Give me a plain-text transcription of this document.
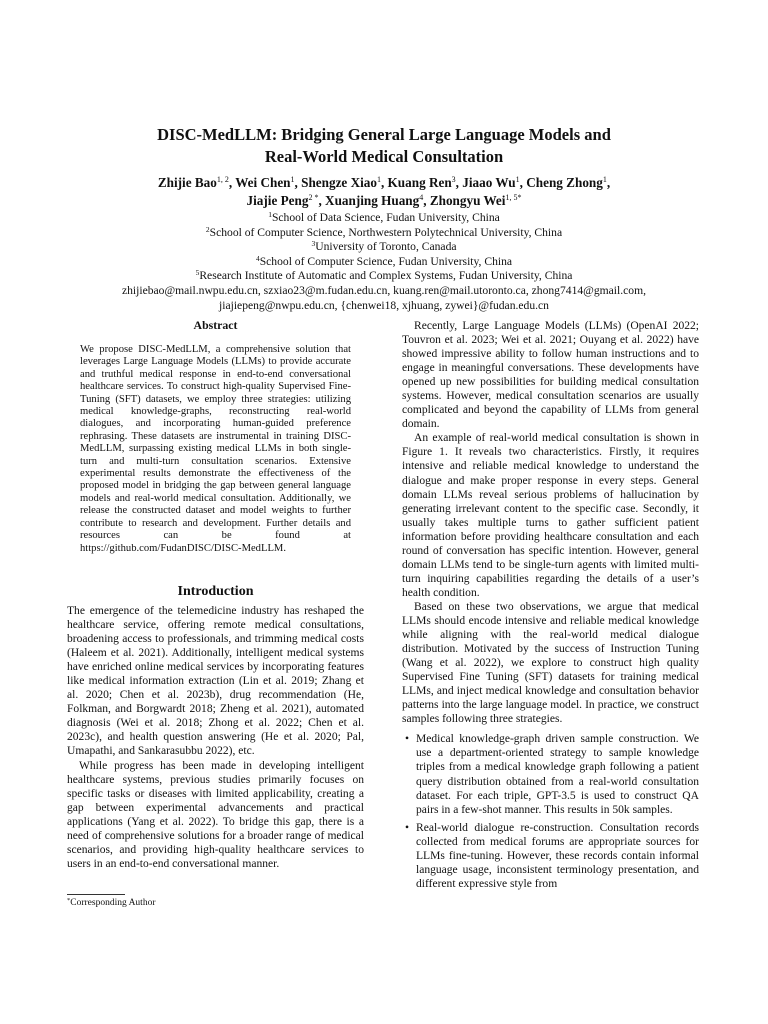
DISC-MedLLM: Bridging General Large Language Models and
Real-World Medical Consultation
Zhijie Bao$^{1, 2}$, Wei Chen$^1$, Shengze Xiao$^1$, Kuang Ren$^3$, Jiaao Wu$^1$, Cheng Zhong$^1$,
Jiajie Peng$^{2 *}$, Xuanjing Huang$^4$, Zhongyu Wei$^{1, 5*}$
$^1$School of Data Science, Fudan University, China
$^2$School of Computer Science, Northwestern Polytechnical University, China
$^3$University of Toronto, Canada
$^4$School of Computer Science, Fudan University, China
$^5$Research Institute of Automatic and Complex Systems, Fudan University, China
zhijiebao@mail.nwpu.edu.cn, szxiao23@m.fudan.edu.cn, kuang.ren@mail.utoronto.ca, zhong7414@gmail.com,
jiajiepeng@nwpu.edu.cn, {chenwei18, xjhuang, zywei}@fudan.edu.cn
Abstract
We propose DISC-MedLLM, a comprehensive solution that leverages Large Language Models (LLMs) to provide accurate and truthful medical response in end-to-end conversational healthcare services. To construct high-quality Supervised Fine-Tuning (SFT) datasets, we employ three strategies: utilizing medical knowledge-graphs, reconstructing real-world dialogues, and incorporating human-guided preference rephrasing. These datasets are instrumental in training DISC-MedLLM, surpassing existing medical LLMs in both single-turn and multi-turn consultation scenarios. Extensive experimental results demonstrate the effectiveness of the proposed model in bridging the gap between general language models and real-world medical consultation. Additionally, we release the constructed dataset and model weights to further contribute to research and development. Further details and resources can be found at https://github.com/FudanDISC/DISC-MedLLM.
Introduction

The emergence of the telemedicine industry has reshaped the healthcare service, offering remote medical consultations, broadening access to professionals, and trimming medical costs (Haleem et al. 2021). Additionally, intelligent medical systems have enriched online medical services by incorporating features like medical information extraction (Lin et al. 2019; Zhang et al. 2020; Chen et al. 2023b), drug recommendation (He, Folkman, and Borgwardt 2018; Zheng et al. 2021), automated diagnosis (Wei et al. 2018; Zhong et al. 2022; Chen et al. 2023c), and health question answering (He et al. 2020; Pal, Umapathi, and Sankarasubbu 2022), etc.

While progress has been made in developing intelligent healthcare systems, previous studies primarily focuses on specific tasks or diseases with limited applicability, creating a gap between experimental advancements and practical applications (Yang et al. 2022). To bridge this gap, there is a need of comprehensive solutions for a broader range of medical scenarios, and providing high-quality healthcare services to users in an end-to-end conversational manner.

*Corresponding Author

Recently, Large Language Models (LLMs) (OpenAI 2022; Touvron et al. 2023; Wei et al. 2021; Ouyang et al. 2022) have showed impressive ability to follow human instructions and to engage in meaningful conversations. These developments have opened up new possibilities for building medical consultation systems. However, medical consultation scenarios are usually complicated and beyond the capability of LLMs from general domain.

An example of real-world medical consultation is shown in Figure 1. It reveals two characteristics. Firstly, it requires intensive and reliable medical knowledge to understand the dialogue and make proper response in every steps. General domain LLMs reveal serious problems of hallucination by generating irrelevant content to the specific case. Secondly, it usually takes multiple turns to gather sufficient patient information before providing healthcare consultation and each round of conversation has specific intention. However, general domain LLMs tend to be single-turn agents with limited multi-turn inquiring capabilities regarding the details of a user’s health condition.

Based on these two observations, we argue that medical LLMs should encode intensive and reliable medical knowledge while aligning with the real-world medical dialogue distribution. Motivated by the success of Instruction Tuning (Wang et al. 2022), we explore to construct high quality Supervised Fine Tuning (SFT) datasets for training medical LLMs, and inject medical knowledge and consultation behavior patterns into the large language model. In practice, we construct samples following three strategies.

• Medical knowledge-graph driven sample construction. We use a department-oriented strategy to sample knowledge triples from a medical knowledge graph following a patient query distribution obtained from a real-world consultation dataset. For each triple, GPT-3.5 is used to construct QA pairs in a few-shot manner. This results in 50k samples.
• Real-world dialogue re-construction. Consultation records collected from medical forums are appropriate sources for LLMs fine-tuning. However, these records contain informal language usage, inconsistent terminology presentation, and different expressive style from
